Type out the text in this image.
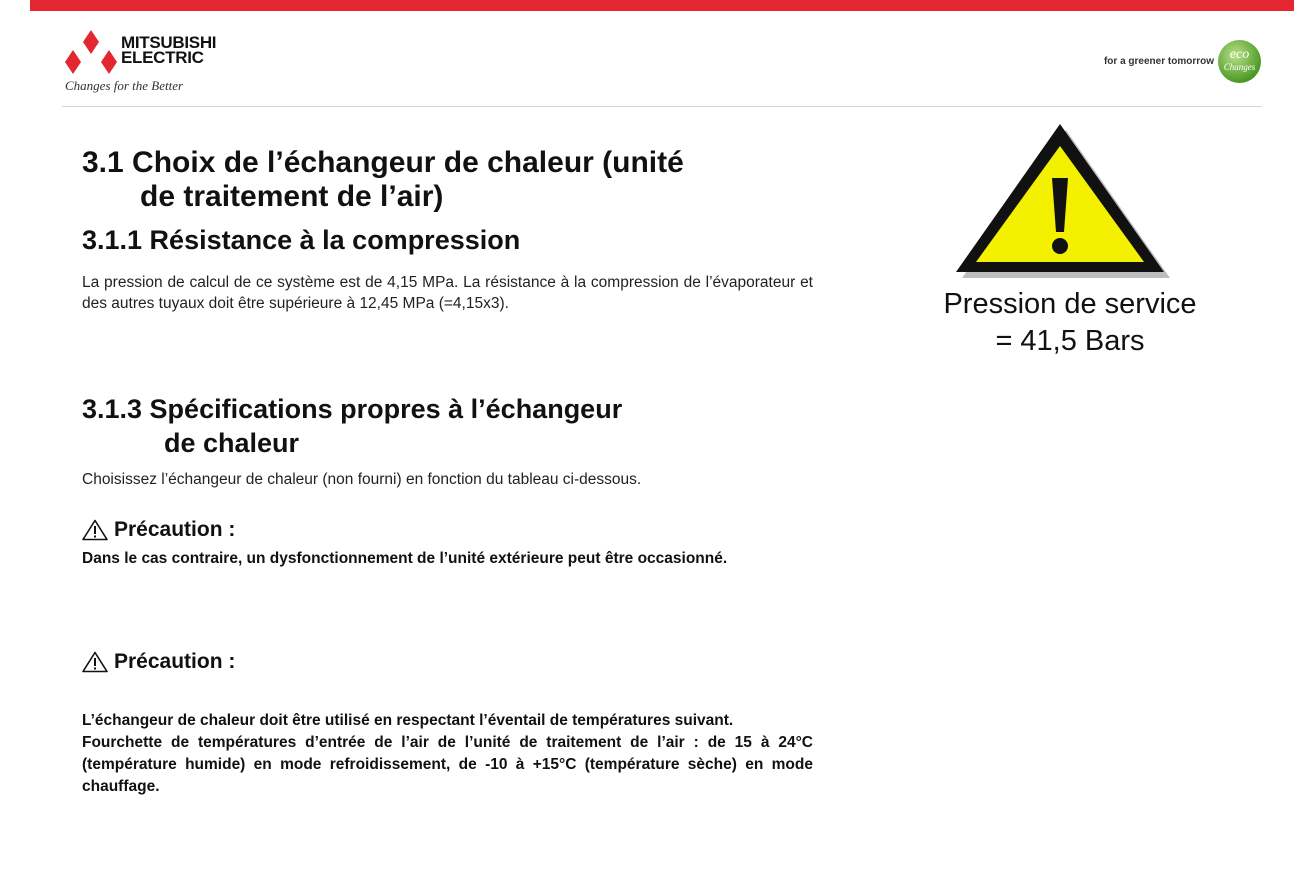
MITSUBISHI
ELECTRIC
Changes for the Better
for a greener tomorrow	eco
Changes
3.1 Choix de l’échangeur de chaleur (unité
de traitement de l’air)
3.1.1 Résistance à la compression
La pression de calcul de ce système est de 4,15 MPa. La résistance à la compression de l’évaporateur et des autres tuyaux doit être supérieure à 12,45 MPa (=4,15x3).
3.1.3 Spécifications propres à l’échangeur
de chaleur
Choisissez l’échangeur de chaleur (non fourni) en fonction du tableau ci-dessous.
Précaution :
Dans le cas contraire, un dysfonctionnement de l’unité extérieure peut être occasionné.
Précaution :
L’échangeur de chaleur doit être utilisé en respectant l’éventail de températures suivant.
Fourchette de températures d’entrée de l’air de l’unité de traitement de l’air : de 15 à 24°C (température humide) en mode refroidissement, de -10 à +15°C (température sèche) en mode chauffage.
Pression de service
= 41,5 Bars
